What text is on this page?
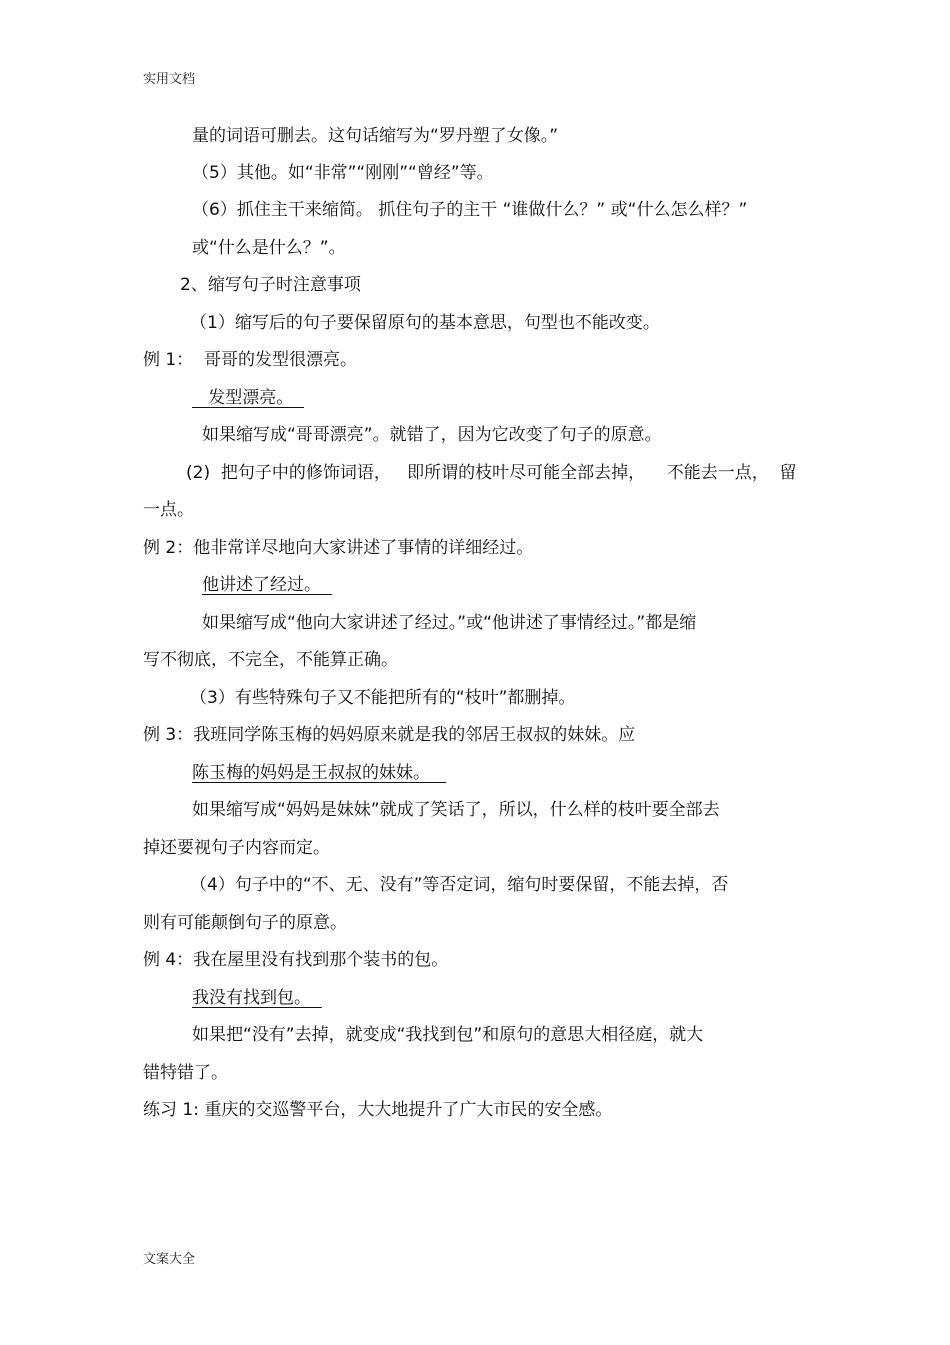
实用文档
量的词语可删去。这句话缩写为“罗丹塑了女像。”
（5）其他。如“非常”“刚刚”“曾经”等。
（6）抓住主干来缩简。 抓住句子的主干 “谁做什么？” 或“什么怎么样？”
或“什么是什么？”。
2、缩写句子时注意事项
（1）缩写后的句子要保留原句的基本意思，句型也不能改变。
例 1：  哥哥的发型很漂亮。
发型漂亮。
如果缩写成“哥哥漂亮”。就错了，因为它改变了句子的原意。
(2)  把句子中的修饰词语，   即所谓的枝叶尽可能全部去掉，    不能去一点，  留
一点。
例 2：他非常详尽地向大家讲述了事情的详细经过。
他讲述了经过。
如果缩写成“他向大家讲述了经过。”或“他讲述了事情经过。”都是缩
写不彻底，不完全，不能算正确。
（3）有些特殊句子又不能把所有的“枝叶”都删掉。
例 3：我班同学陈玉梅的妈妈原来就是我的邻居王叔叔的妹妹。应
陈玉梅的妈妈是王叔叔的妹妹。
如果缩写成“妈妈是妹妹”就成了笑话了，所以，什么样的枝叶要全部去
掉还要视句子内容而定。
（4）句子中的“不、无、没有”等否定词，缩句时要保留，不能去掉，否
则有可能颠倒句子的原意。
例 4：我在屋里没有找到那个装书的包。
我没有找到包。
如果把“没有”去掉，就变成“我找到包”和原句的意思大相径庭，就大
错特错了。
练习 1: 重庆的交巡警平台，大大地提升了广大市民的安全感。
文案大全
